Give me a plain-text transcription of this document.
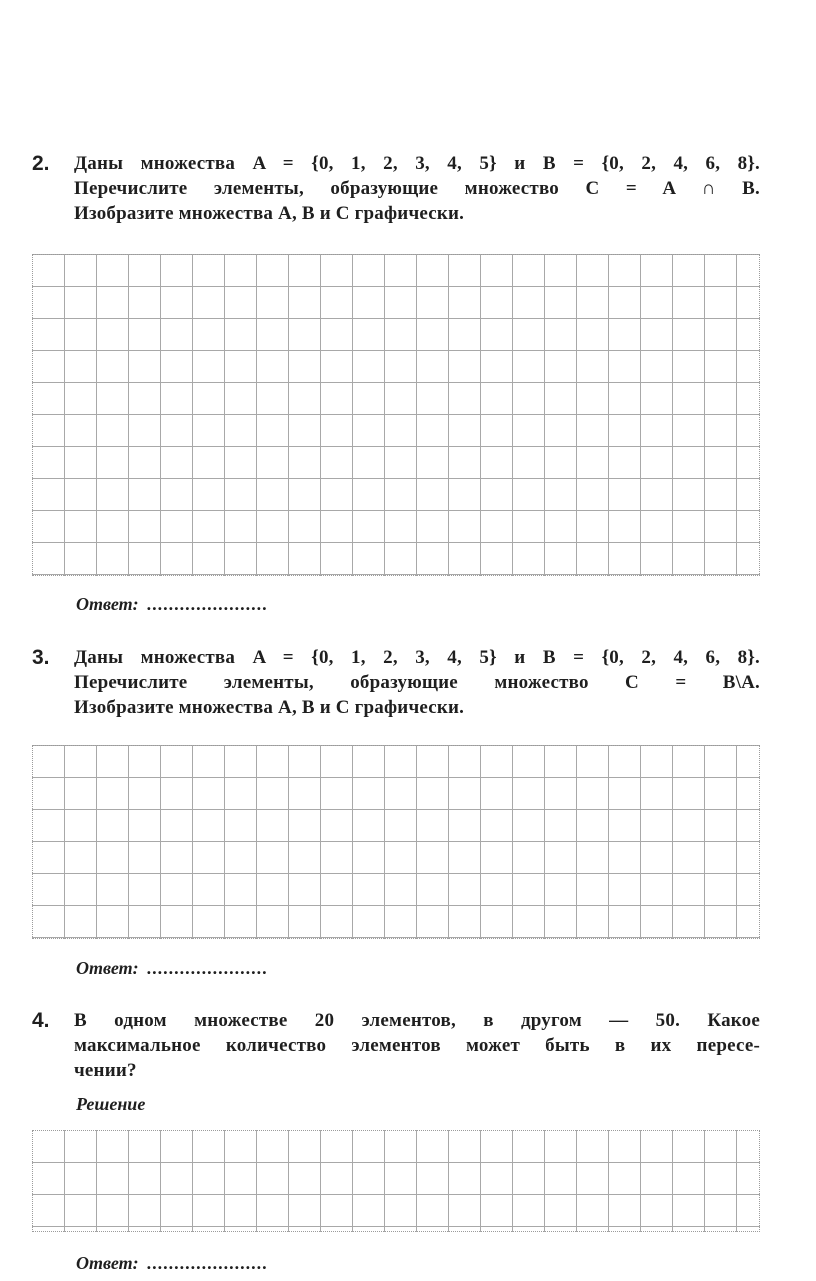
2. Даны множества A = {0, 1, 2, 3, 4, 5} и B = {0, 2, 4, 6, 8}.
Перечислите элементы, образующие множество C = A ∩ B.
Изобразите множества A, B и C графически.
Ответ: ......................
3. Даны множества A = {0, 1, 2, 3, 4, 5} и B = {0, 2, 4, 6, 8}.
Перечислите элементы, образующие множество C = B\A.
Изобразите множества A, B и C графически.
Ответ: ......................
4. В одном множестве 20 элементов, в другом — 50. Какое
максимальное количество элементов может быть в их пересе-
чении?
Решение
Ответ: ......................
